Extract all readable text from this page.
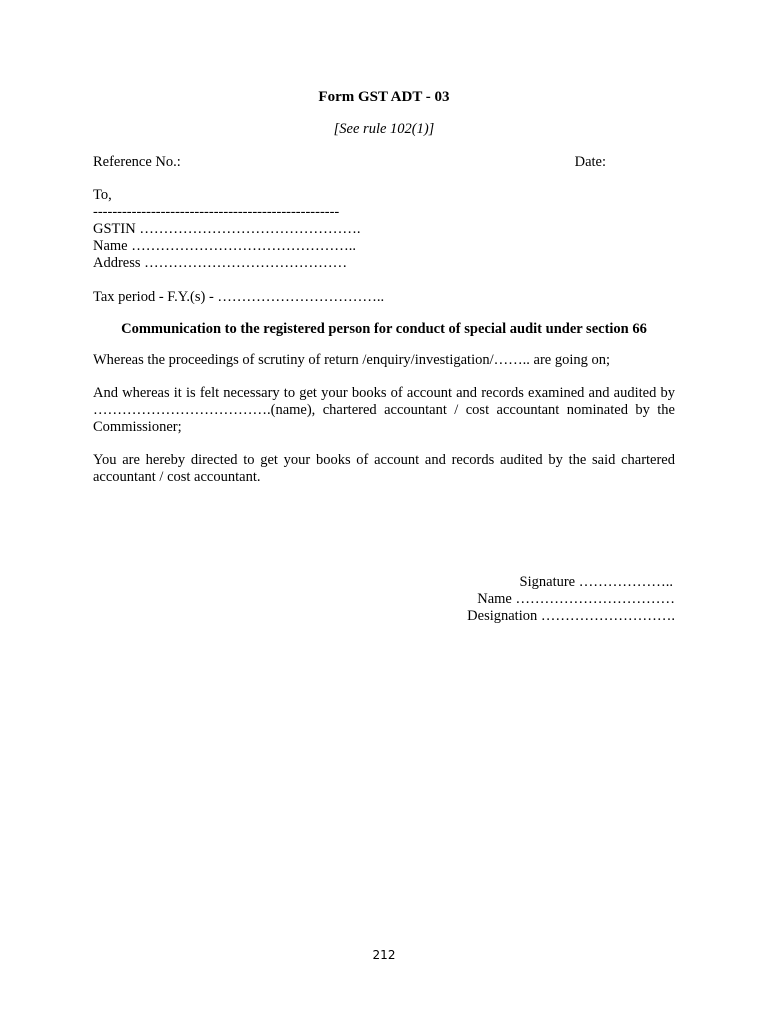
Form GST ADT - 03
[See rule 102(1)]
Reference No.:	Date:
To,
---------------------------------------------------
GSTIN ……………………………………….
Name ………………………………………..
Address ……………………………………
Tax period - F.Y.(s) - ……………………………..
Communication to the registered person for conduct of special audit under section 66
Whereas the proceedings of scrutiny of return /enquiry/investigation/…….. are going on;
And whereas it is felt necessary to get your books of account and records examined and audited by ……………………………….(name), chartered accountant / cost accountant nominated by the Commissioner;
You are hereby directed to get your books of account and records audited by the said chartered accountant / cost accountant.
Signature ………………..
Name ……………………………
Designation ……………………….
212
